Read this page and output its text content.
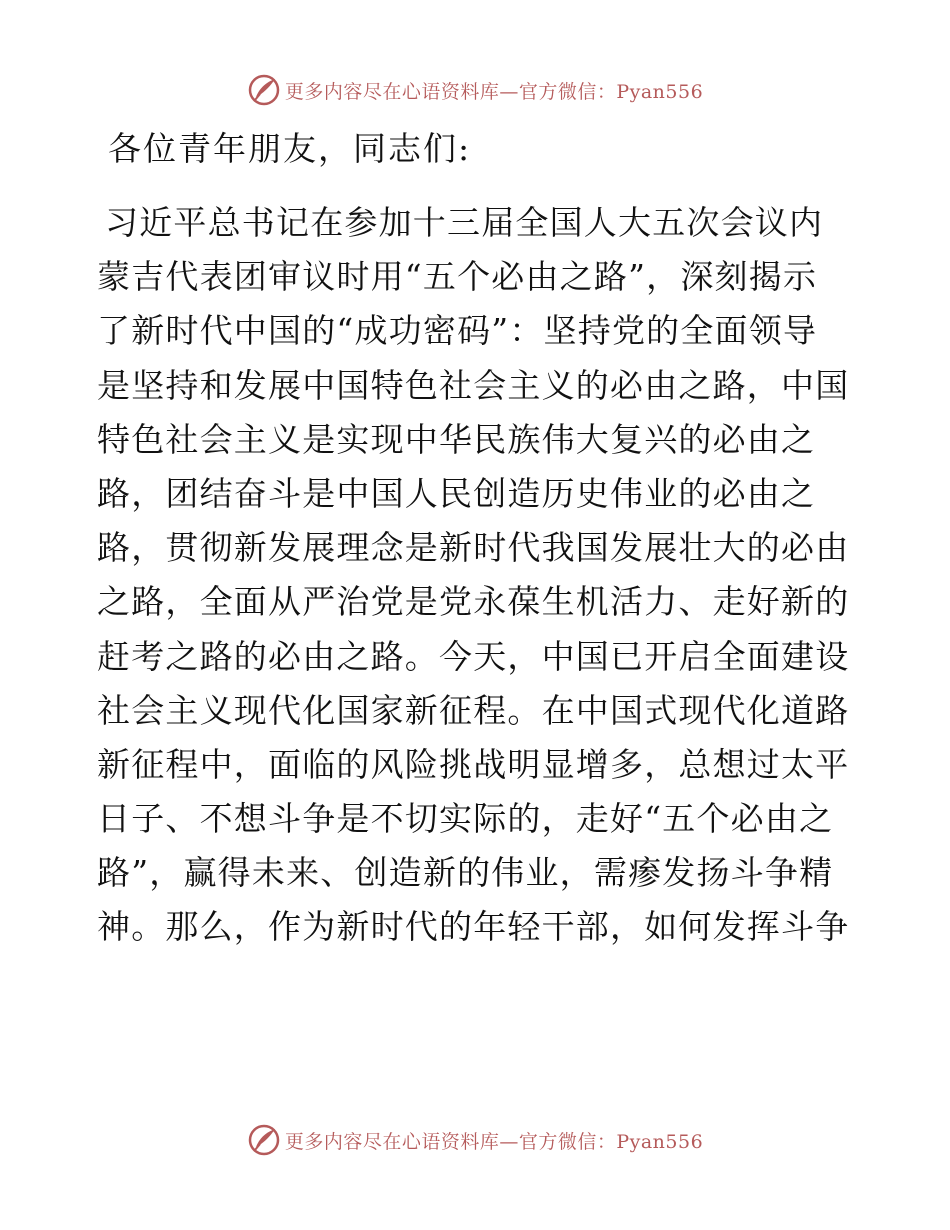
更多内容尽在心语资料库—官方微信：Pyan556
各位青年朋友，同志们:
习近平总书记在参加十三届全国人大五次会议内
蒙吉代表团审议时用“五个必由之路”，深刻揭示
了新时代中国的“成功密码”：坚持党的全面领导
是坚持和发展中国特色社会主义的必由之路，中国
特色社会主义是实现中华民族伟大复兴的必由之
路，团结奋斗是中国人民创造历史伟业的必由之
路，贯彻新发展理念是新时代我国发展壮大的必由
之路，全面从严治党是党永葆生机活力、走好新的
赶考之路的必由之路。今天，中国已开启全面建设
社会主义现代化国家新征程。在中国式现代化道路
新征程中，面临的风险挑战明显增多，总想过太平
日子、不想斗争是不切实际的，走好“五个必由之
路”，赢得未来、创造新的伟业，需瘆发扬斗争精
神。那么，作为新时代的年轻干部，如何发挥斗争
更多内容尽在心语资料库—官方微信：Pyan556
